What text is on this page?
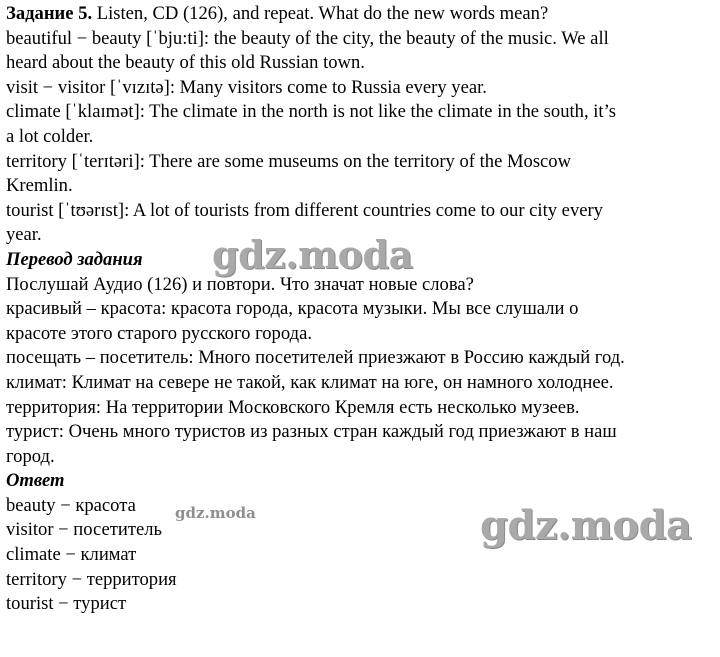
Задание 5. Listen, CD (126), and repeat. What do the new words mean?
beautiful − beauty [ˈbju:ti]: the beauty of the city, the beauty of the music. We all
heard about the beauty of this old Russian town.
visit − visitor [ˈvɪzɪtə]: Many visitors come to Russia every year.
climate [ˈklaɪmət]: The climate in the north is not like the climate in the south, it’s
a lot colder.
territory [ˈterɪtəri]: There are some museums on the territory of the Moscow
Kremlin.
tourist [ˈtʊərɪst]: A lot of tourists from different countries come to our city every
year.
Перевод задания
Послушай Аудио (126) и повтори. Что значат новые слова?
красивый – красота: красота города, красота музыки. Мы все слушали о
красоте этого старого русского города.
посещать – посетитель: Много посетителей приезжают в Россию каждый год.
климат: Климат на севере не такой, как климат на юге, он намного холоднее.
территория: На территории Московского Кремля есть несколько музеев.
турист: Очень много туристов из разных стран каждый год приезжают в наш
город.
Ответ
beauty − красота
visitor − посетитель
climate − климат
territory − территория
tourist − турист
gdz.moda
gdz.moda	gdz.moda
